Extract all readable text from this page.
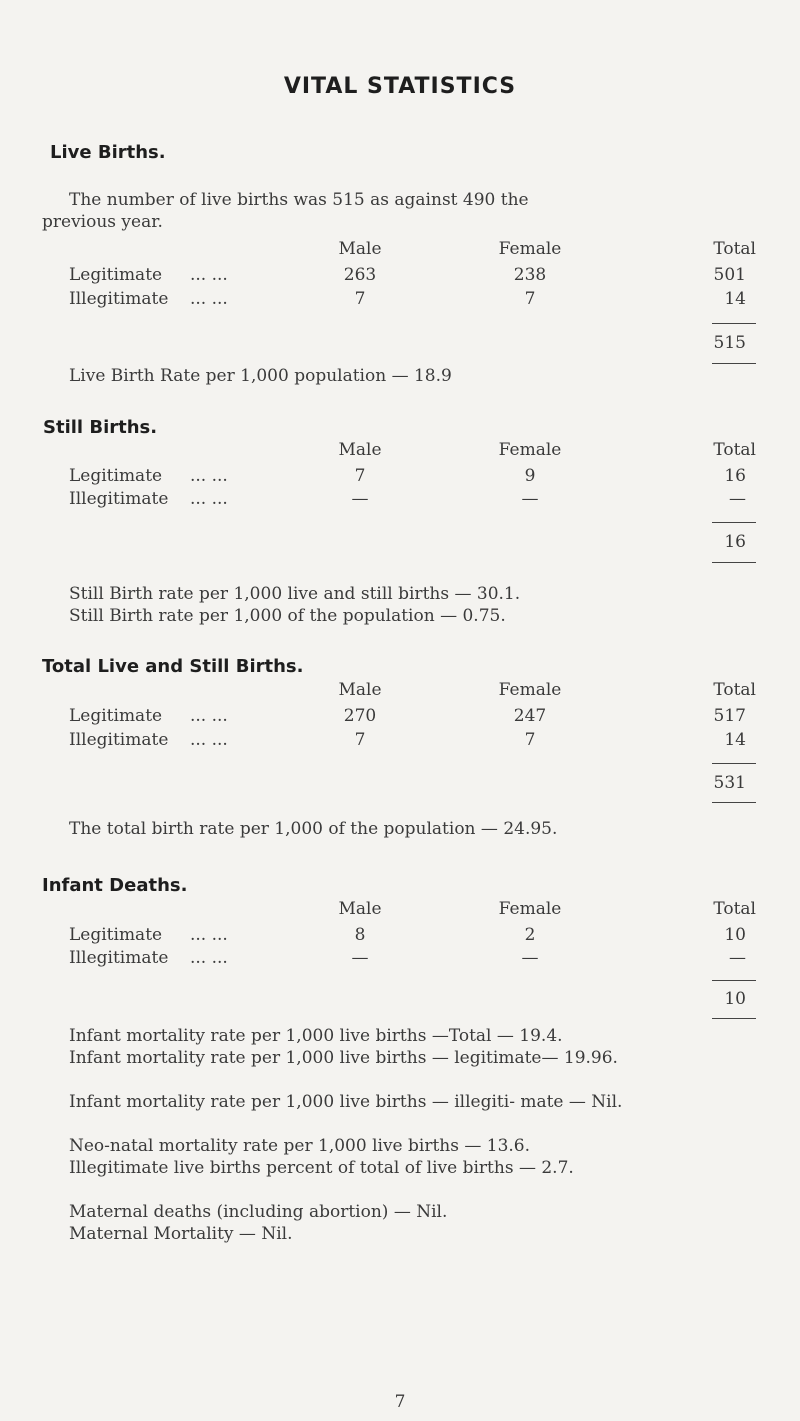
VITAL STATISTICS
Live Births.
The number of live births was 515 as against 490 the
previous year.
Male	Female	Total
Legitimate ... ...	263	238	501
Illegitimate ... ...	7	7	14
515
Live Birth Rate per 1,000 population — 18.9
Still Births.
Male	Female	Total
Legitimate ... ...	7	9	16
Illegitimate ... ...	—	—	—
16
Still Birth rate per 1,000 live and still births — 30.1.
Still Birth rate per 1,000 of the population — 0.75.
Total Live and Still Births.
Male	Female	Total
Legitimate ... ...	270	247	517
Illegitimate ... ...	7	7	14
531
The total birth rate per 1,000 of the population — 24.95.
Infant Deaths.
Male	Female	Total
Legitimate ... ...	8	2	10
Illegitimate ... ...	—	—	—
10
Infant mortality rate per 1,000 live births —Total — 19.4.
Infant mortality rate per 1,000 live births — legitimate— 19.96.
Infant mortality rate per 1,000 live births — illegiti- mate — Nil.
Neo-natal mortality rate per 1,000 live births — 13.6.
Illegitimate live births percent of total of live births — 2.7.
Maternal deaths (including abortion) — Nil.
Maternal Mortality — Nil.
7
